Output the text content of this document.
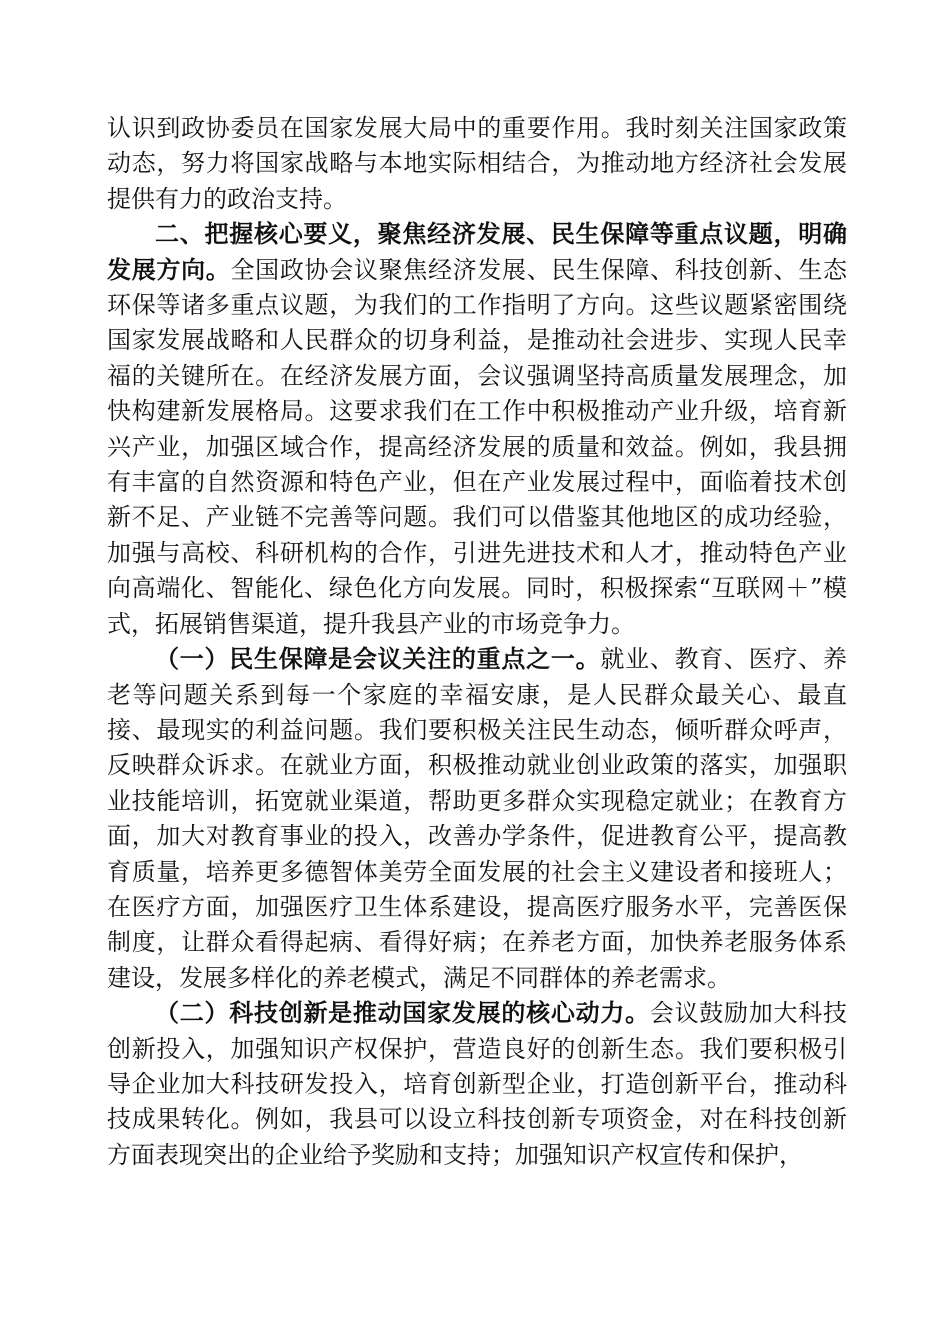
认识到政协委员在国家发展大局中的重要作用。我时刻关注国家政策动态，努力将国家战略与本地实际相结合，为推动地方经济社会发展提供有力的政治支持。

二、把握核心要义，聚焦经济发展、民生保障等重点议题，明确发展方向。全国政协会议聚焦经济发展、民生保障、科技创新、生态环保等诸多重点议题，为我们的工作指明了方向。这些议题紧密围绕国家发展战略和人民群众的切身利益，是推动社会进步、实现人民幸福的关键所在。在经济发展方面，会议强调坚持高质量发展理念，加快构建新发展格局。这要求我们在工作中积极推动产业升级，培育新兴产业，加强区域合作，提高经济发展的质量和效益。例如，我县拥有丰富的自然资源和特色产业，但在产业发展过程中，面临着技术创新不足、产业链不完善等问题。我们可以借鉴其他地区的成功经验，加强与高校、科研机构的合作，引进先进技术和人才，推动特色产业向高端化、智能化、绿色化方向发展。同时，积极探索“互联网＋”模式，拓展销售渠道，提升我县产业的市场竞争力。

（一）民生保障是会议关注的重点之一。就业、教育、医疗、养老等问题关系到每一个家庭的幸福安康，是人民群众最关心、最直接、最现实的利益问题。我们要积极关注民生动态，倾听群众呼声，反映群众诉求。在就业方面，积极推动就业创业政策的落实，加强职业技能培训，拓宽就业渠道，帮助更多群众实现稳定就业；在教育方面，加大对教育事业的投入，改善办学条件，促进教育公平，提高教育质量，培养更多德智体美劳全面发展的社会主义建设者和接班人；在医疗方面，加强医疗卫生体系建设，提高医疗服务水平，完善医保制度，让群众看得起病、看得好病；在养老方面，加快养老服务体系建设，发展多样化的养老模式，满足不同群体的养老需求。

（二）科技创新是推动国家发展的核心动力。会议鼓励加大科技创新投入，加强知识产权保护，营造良好的创新生态。我们要积极引导企业加大科技研发投入，培育创新型企业，打造创新平台，推动科技成果转化。例如，我县可以设立科技创新专项资金，对在科技创新方面表现突出的企业给予奖励和支持；加强知识产权宣传和保护，
